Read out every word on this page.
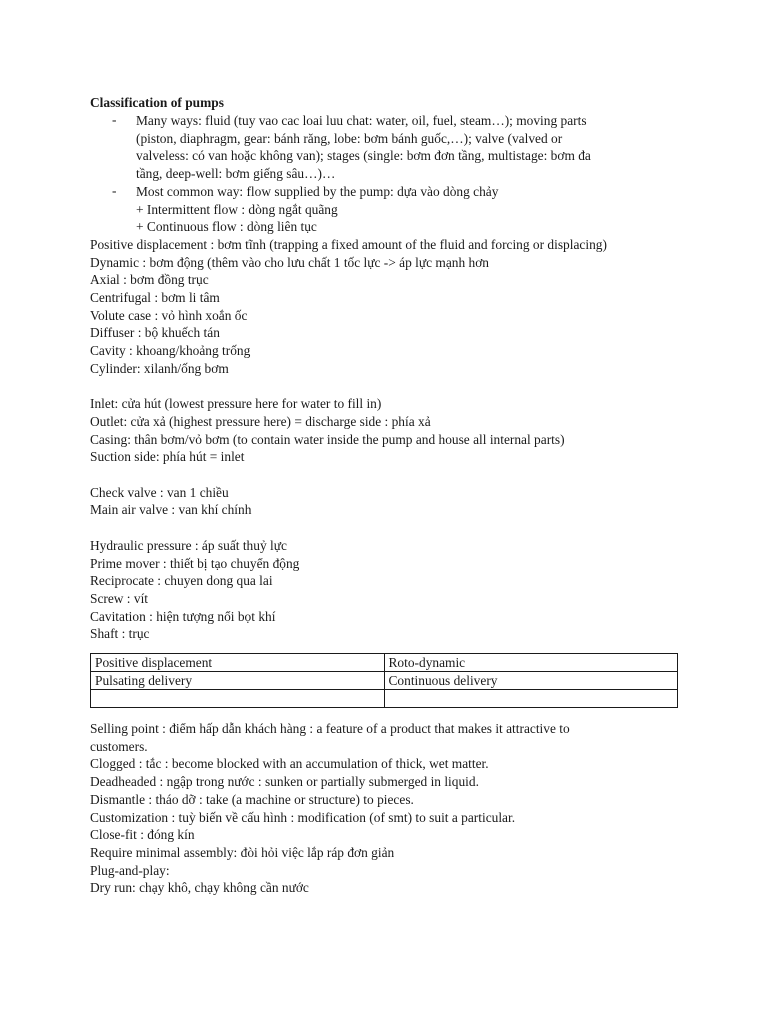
Classification of pumps
- Many ways: fluid (tuy vao cac loai luu chat: water, oil, fuel, steam…); moving parts
(piston, diaphragm, gear: bánh răng, lobe: bơm bánh guốc,…); valve (valved or
valveless: có van hoặc không van); stages (single: bơm đơn tầng, multistage: bơm đa
tầng, deep-well: bơm giếng sâu…)…
- Most common way: flow supplied by the pump: dựa vào dòng chảy
+ Intermittent flow : dòng ngắt quãng
+ Continuous flow : dòng liên tục
Positive displacement : bơm tĩnh (trapping a fixed amount of the fluid and forcing or displacing)
Dynamic : bơm động (thêm vào cho lưu chất 1 tốc lực -> áp lực mạnh hơn
Axial : bơm đồng trục
Centrifugal : bơm li tâm
Volute case : vỏ hình xoắn ốc
Diffuser : bộ khuếch tán
Cavity : khoang/khoảng trống
Cylinder: xilanh/ống bơm
Inlet: cửa hút (lowest pressure here for water to fill in)
Outlet: cửa xả (highest pressure here) = discharge side : phía xả
Casing: thân bơm/vỏ bơm (to contain water inside the pump and house all internal parts)
Suction side: phía hút = inlet
Check valve : van 1 chiều
Main air valve : van khí chính
Hydraulic pressure : áp suất thuỷ lực
Prime mover : thiết bị tạo chuyển động
Reciprocate : chuyen dong qua lai
Screw : vít
Cavitation : hiện tượng nổi bọt khí
Shaft : trục
Positive displacement	Roto-dynamic
Pulsating delivery	Continuous delivery

Selling point : điểm hấp dẫn khách hàng : a feature of a product that makes it attractive to
customers.
Clogged : tắc : become blocked with an accumulation of thick, wet matter.
Deadheaded : ngập trong nước : sunken or partially submerged in liquid.
Dismantle : tháo dỡ : take (a machine or structure) to pieces.
Customization : tuỳ biến về cấu hình : modification (of smt) to suit a particular.
Close-fit : đóng kín
Require minimal assembly: đòi hỏi việc lắp ráp đơn giản
Plug-and-play:
Dry run: chạy khô, chạy không cần nước
